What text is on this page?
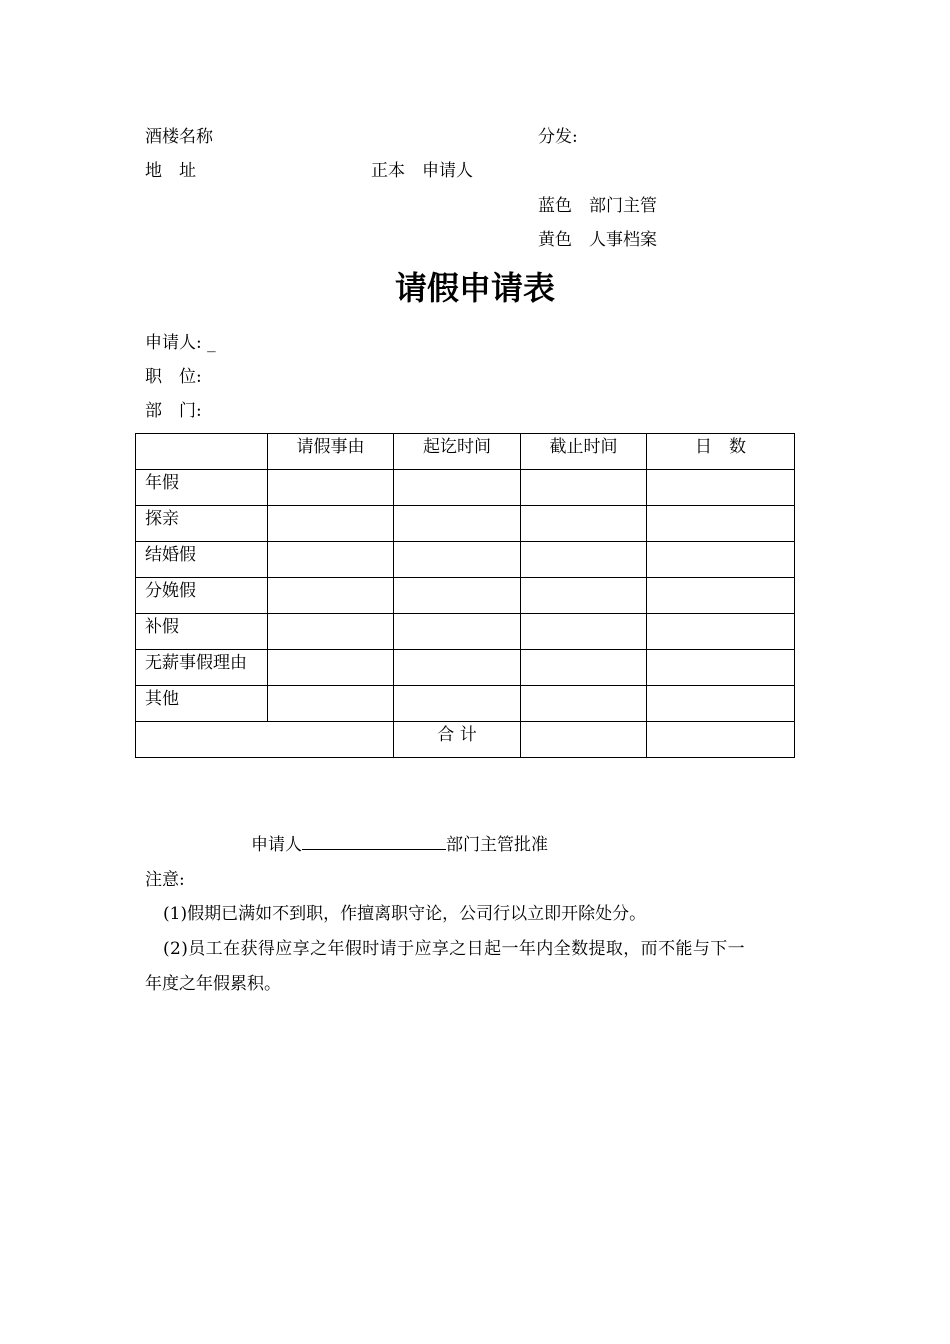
酒楼名称	分发:
地　址	正本　申请人
蓝色　部门主管
黄色　人事档案
请假申请表
申请人: _
职　位:
部　门:
	请假事由	起讫时间	截止时间	日　数
年假				
探亲				
结婚假				
分娩假				
补假				
无薪事假理由				
其他				
		合 计		
申请人	部门主管批准
注意:
(1)假期已满如不到职，作擅离职守论，公司行以立即开除处分。
(2)员工在获得应享之年假时请于应享之日起一年内全数提取，而不能与下一
年度之年假累积。
